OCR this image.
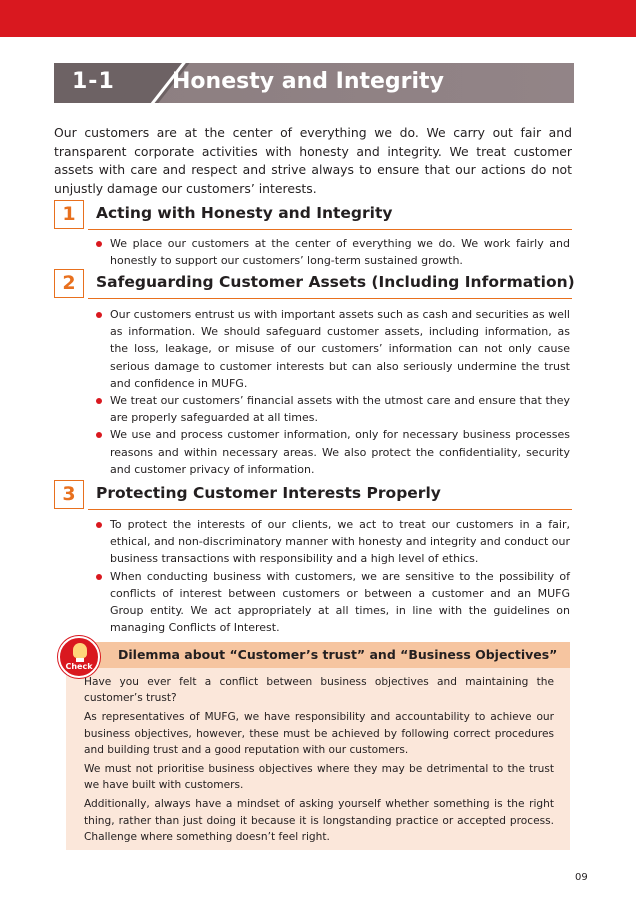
1-1	Honesty and Integrity

Our customers are at the center of everything we do. We carry out fair and transparent corporate activities with honesty and integrity. We treat customer assets with care and respect and strive always to ensure that our actions do not unjustly damage our customers’ interests.

1	Acting with Honesty and Integrity
We place our customers at the center of everything we do. We work fairly and honestly to support our customers’ long-term sustained growth.
2	Safeguarding Customer Assets (Including Information)
Our customers entrust us with important assets such as cash and securities as well as information. We should safeguard customer assets, including information, as the loss, leakage, or misuse of our customers’ information can not only cause serious damage to customer interests but can also seriously undermine the trust and confidence in MUFG.
We treat our customers’ financial assets with the utmost care and ensure that they are properly safeguarded at all times.
We use and process customer information, only for necessary business processes reasons and within necessary areas. We also protect the confidentiality, security and customer privacy of information.
3	Protecting Customer Interests Properly
To protect the interests of our clients, we act to treat our customers in a fair, ethical, and non-discriminatory manner with honesty and integrity and conduct our business transactions with responsibility and a high level of ethics.
When conducting business with customers, we are sensitive to the possibility of conflicts of interest between customers or between a customer and an MUFG Group entity. We act appropriately at all times, in line with the guidelines on managing Conflicts of Interest.
Dilemma about “Customer’s trust” and “Business Objectives”

Have you ever felt a conflict between business objectives and maintaining the customer’s trust?

As representatives of MUFG, we have responsibility and accountability to achieve our business objectives, however, these must be achieved by following correct procedures and building trust and a good reputation with our customers.

We must not prioritise business objectives where they may be detrimental to the trust we have built with customers.

Additionally, always have a mindset of asking yourself whether something is the right thing, rather than just doing it because it is longstanding practice or accepted process. Challenge where something doesn’t feel right.

Check
09
